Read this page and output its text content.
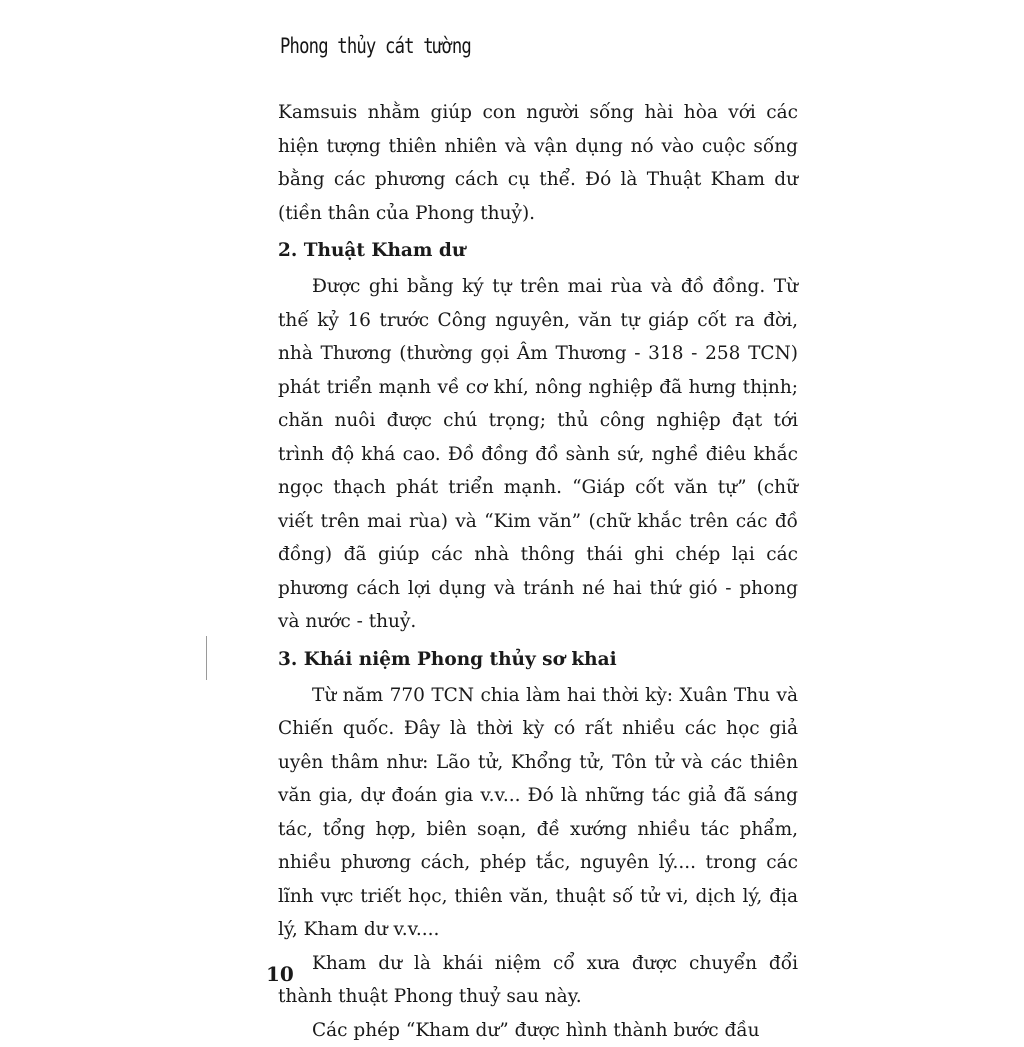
Phong thủy cát tường

Kamsuis nhằm giúp con người sống hài hòa với các hiện tượng thiên nhiên và vận dụng nó vào cuộc sống bằng các phương cách cụ thể. Đó là Thuật Kham dư (tiền thân của Phong thuỷ).

2. Thuật Kham dư

Được ghi bằng ký tự trên mai rùa và đồ đồng. Từ thế kỷ 16 trước Công nguyên, văn tự giáp cốt ra đời, nhà Thương (thường gọi Âm Thương - 318 - 258 TCN) phát triển mạnh về cơ khí, nông nghiệp đã hưng thịnh; chăn nuôi được chú trọng; thủ công nghiệp đạt tới trình độ khá cao. Đồ đồng đồ sành sứ, nghề điêu khắc ngọc thạch phát triển mạnh. “Giáp cốt văn tự” (chữ viết trên mai rùa) và “Kim văn” (chữ khắc trên các đồ đồng) đã giúp các nhà thông thái ghi chép lại các phương cách lợi dụng và tránh né hai thứ gió - phong và nước - thuỷ.

3. Khái niệm Phong thủy sơ khai

Từ năm 770 TCN chia làm hai thời kỳ: Xuân Thu và Chiến quốc. Đây là thời kỳ có rất nhiều các học giả uyên thâm như: Lão tử, Khổng tử, Tôn tử và các thiên văn gia, dự đoán gia v.v... Đó là những tác giả đã sáng tác, tổng hợp, biên soạn, đề xướng nhiều tác phẩm, nhiều phương cách, phép tắc, nguyên lý.... trong các lĩnh vực triết học, thiên văn, thuật số tử vi, dịch lý, địa lý, Kham dư v.v....

Kham dư là khái niệm cổ xưa được chuyển đổi thành thuật Phong thuỷ sau này.

Các phép “Kham dư” được hình thành bước đầu

10
